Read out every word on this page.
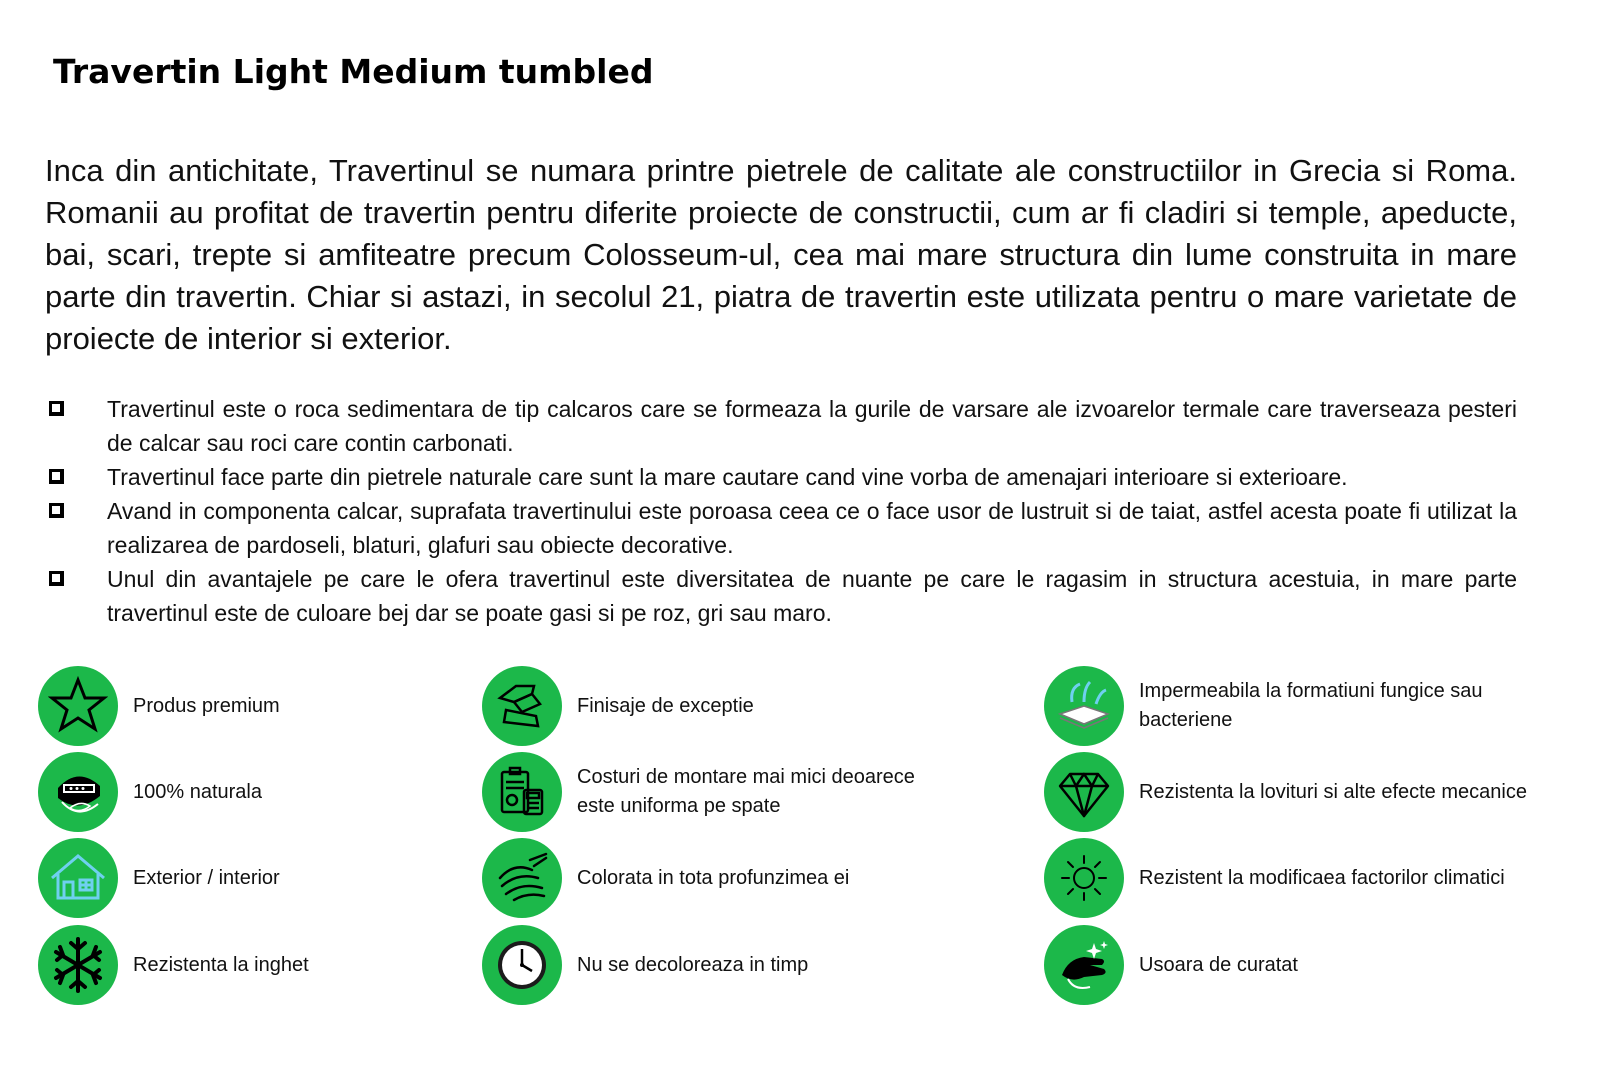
Travertin Light Medium tumbled
Inca din antichitate, Travertinul se numara printre pietrele de calitate ale constructiilor in Grecia si Roma. Romanii au profitat de travertin pentru diferite proiecte de constructii, cum ar fi cladiri si temple, apeducte, bai, scari, trepte si amfiteatre precum Colosseum-ul, cea mai mare structura din lume construita in mare parte din travertin. Chiar si astazi, in secolul 21, piatra de travertin este utilizata pentru o mare varietate de proiecte de interior si exterior.
Travertinul este o roca sedimentara de tip calcaros care se formeaza la gurile de varsare ale izvoarelor termale care traverseaza pesteri de calcar sau roci care contin carbonati.
Travertinul face parte din pietrele naturale care sunt la mare cautare cand vine vorba de amenajari interioare si exterioare.
Avand in componenta calcar, suprafata travertinului este poroasa ceea ce o face usor de lustruit si de taiat, astfel acesta poate fi utilizat la realizarea de pardoseli, blaturi, glafuri sau obiecte decorative.
Unul din avantajele pe care le ofera travertinul este diversitatea de nuante pe care le ragasim in structura acestuia, in mare parte travertinul este de culoare bej dar se poate gasi si pe roz, gri sau maro.
Produs premium
100% naturala
Exterior / interior
Rezistenta la inghet
Finisaje de exceptie
Costuri de montare mai mici deoarece este uniforma pe spate
Colorata in tota profunzimea ei
Nu se decoloreaza in timp
Impermeabila la formatiuni fungice sau bacteriene
Rezistenta la lovituri si alte efecte mecanice
Rezistent la modificaea factorilor climatici
Usoara de curatat
